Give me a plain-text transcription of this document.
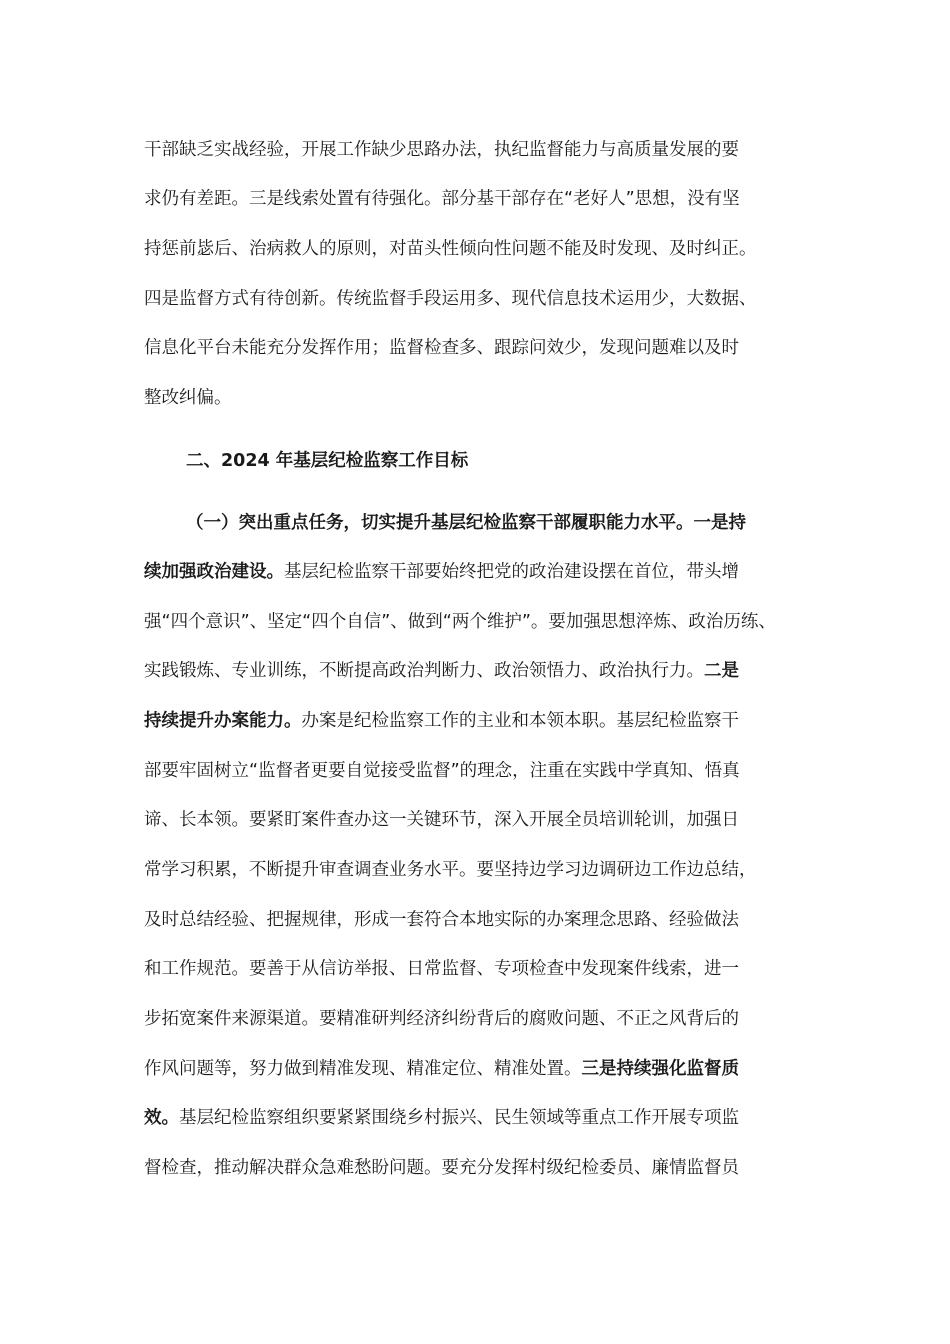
干部缺乏实战经验，开展工作缺少思路办法，执纪监督能力与高质量发展的要
求仍有差距。三是线索处置有待强化。部分基干部存在“老好人”思想，没有坚
持惩前毖后、治病救人的原则，对苗头性倾向性问题不能及时发现、及时纠正。
四是监督方式有待创新。传统监督手段运用多、现代信息技术运用少，大数据、
信息化平台未能充分发挥作用；监督检查多、跟踪问效少，发现问题难以及时
整改纠偏。
二、2024 年基层纪检监察工作目标
（一）突出重点任务，切实提升基层纪检监察干部履职能力水平。一是持
续加强政治建设。基层纪检监察干部要始终把党的政治建设摆在首位，带头增
强“四个意识”、坚定“四个自信”、做到“两个维护”。要加强思想淬炼、政治历练、
实践锻炼、专业训练，不断提高政治判断力、政治领悟力、政治执行力。二是
持续提升办案能力。办案是纪检监察工作的主业和本领本职。基层纪检监察干
部要牢固树立“监督者更要自觉接受监督”的理念，注重在实践中学真知、悟真
谛、长本领。要紧盯案件查办这一关键环节，深入开展全员培训轮训，加强日
常学习积累，不断提升审查调查业务水平。要坚持边学习边调研边工作边总结，
及时总结经验、把握规律，形成一套符合本地实际的办案理念思路、经验做法
和工作规范。要善于从信访举报、日常监督、专项检查中发现案件线索，进一
步拓宽案件来源渠道。要精准研判经济纠纷背后的腐败问题、不正之风背后的
作风问题等，努力做到精准发现、精准定位、精准处置。三是持续强化监督质
效。基层纪检监察组织要紧紧围绕乡村振兴、民生领域等重点工作开展专项监
督检查，推动解决群众急难愁盼问题。要充分发挥村级纪检委员、廉情监督员
